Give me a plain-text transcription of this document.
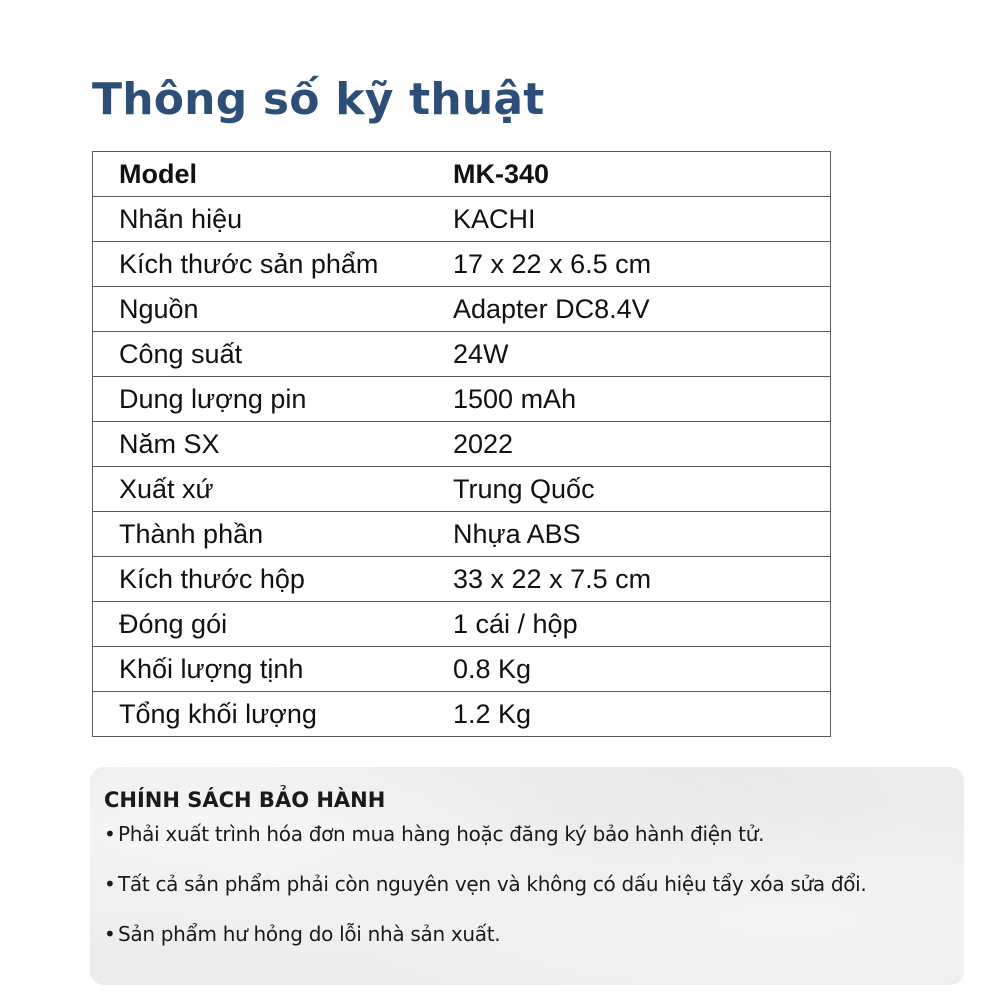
Thông số kỹ thuật
Model	MK-340
Nhãn hiệu	KACHI
Kích thước sản phẩm	17 x 22 x 6.5 cm
Nguồn	Adapter DC8.4V
Công suất	24W
Dung lượng pin	1500 mAh
Năm SX	2022
Xuất xứ	Trung Quốc
Thành phần	Nhựa ABS
Kích thước hộp	33 x 22 x 7.5 cm
Đóng gói	1 cái / hộp
Khối lượng tịnh	0.8 Kg
Tổng khối lượng	1.2 Kg
CHÍNH SÁCH BẢO HÀNH
• Phải xuất trình hóa đơn mua hàng hoặc đăng ký bảo hành điện tử.
• Tất cả sản phẩm phải còn nguyên vẹn và không có dấu hiệu tẩy xóa sửa đổi.
• Sản phẩm hư hỏng do lỗi nhà sản xuất.
